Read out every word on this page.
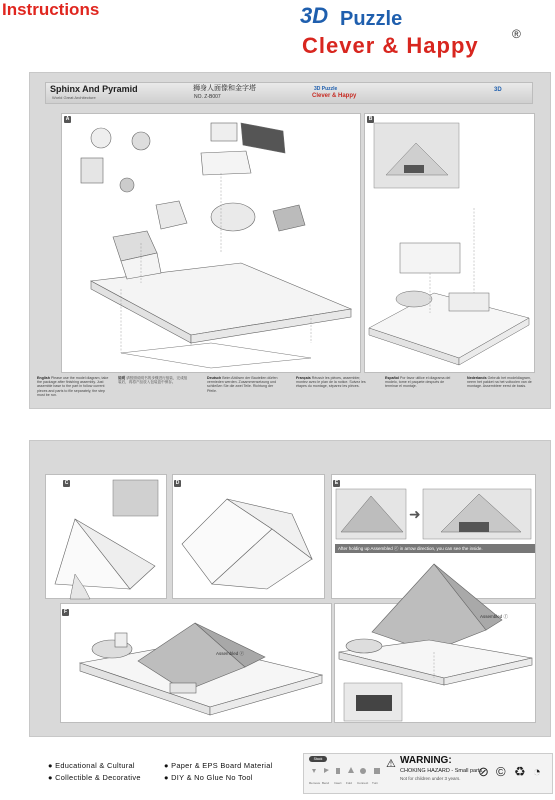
Instructions	3D Puzzle
Clever & Happy	®
Sphinx And Pyramid
World Great Architecture
狮身人面像和金字塔
NO. Z-B007
3D Puzzle
Clever & Happy
3D
A	B
English Please use the model diagram, take the package after finishing assembly. Just assemble base to the part in follow current pieces and parts to file separately, the step must be run.
说明 请按照说明书的步骤进行组装，完成组装后，再将产品放入包装盒中保存。
Deutsch Beim Ablösen der Bauteilen dürfen vermieden werden. Zusammensetzung und schließen Sie die zwei Teile. Richtung der Pfeile.
Français Réussir les pièces, assembler, montez avec le plan de la notice. Suivez les étapes du montage, séparez les pièces.
Español Por favor utilice el diagrama del modelo, tome el paquete después de terminar el montaje.
Nederlands Gebruik het modeldiagram, neem het pakket na het voltooien van de montage. Assembleer eerst de basis.
C	D	E
F
➜
After holding up Assembled ⓔ in arrow direction, you can see the inside.
Assembled ⓔ
Assembled ⓕ
● Educational & Cultural
● Collectible & Decorative
● Paper & EPS Board Material
● DIY & No Glue No Tool
Stack
Remove Bend Insert Fold Connect Turn
⚠ WARNING:
CHOKING HAZARD - Small parts.
Not for children under 3 years. ⊘ © ♻ ◔
